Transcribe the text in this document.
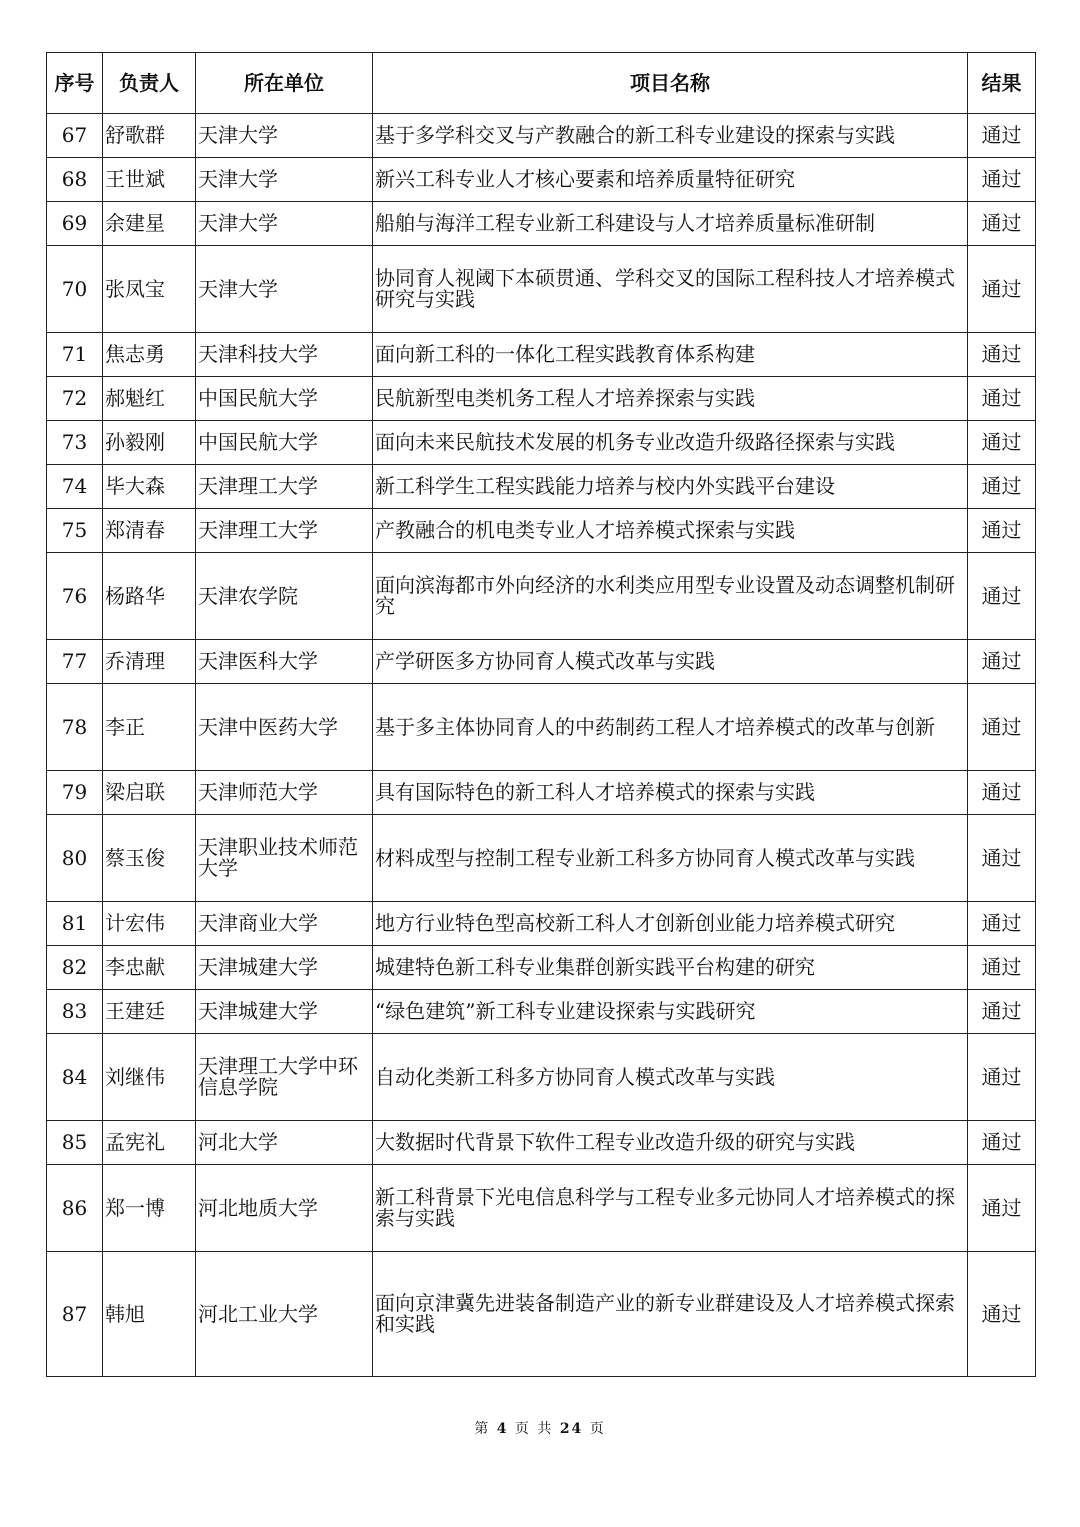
序号	负责人	所在单位	项目名称	结果
67	舒歌群	天津大学	基于多学科交叉与产教融合的新工科专业建设的探索与实践	通过
68	王世斌	天津大学	新兴工科专业人才核心要素和培养质量特征研究	通过
69	余建星	天津大学	船舶与海洋工程专业新工科建设与人才培养质量标准研制	通过
70	张凤宝	天津大学	协同育人视阈下本硕贯通、学科交叉的国际工程科技人才培养模式研究与实践	通过
71	焦志勇	天津科技大学	面向新工科的一体化工程实践教育体系构建	通过
72	郝魁红	中国民航大学	民航新型电类机务工程人才培养探索与实践	通过
73	孙毅刚	中国民航大学	面向未来民航技术发展的机务专业改造升级路径探索与实践	通过
74	毕大森	天津理工大学	新工科学生工程实践能力培养与校内外实践平台建设	通过
75	郑清春	天津理工大学	产教融合的机电类专业人才培养模式探索与实践	通过
76	杨路华	天津农学院	面向滨海都市外向经济的水利类应用型专业设置及动态调整机制研究	通过
77	乔清理	天津医科大学	产学研医多方协同育人模式改革与实践	通过
78	李正	天津中医药大学	基于多主体协同育人的中药制药工程人才培养模式的改革与创新	通过
79	梁启联	天津师范大学	具有国际特色的新工科人才培养模式的探索与实践	通过
80	蔡玉俊	天津职业技术师范大学	材料成型与控制工程专业新工科多方协同育人模式改革与实践	通过
81	计宏伟	天津商业大学	地方行业特色型高校新工科人才创新创业能力培养模式研究	通过
82	李忠献	天津城建大学	城建特色新工科专业集群创新实践平台构建的研究	通过
83	王建廷	天津城建大学	“绿色建筑”新工科专业建设探索与实践研究	通过
84	刘继伟	天津理工大学中环信息学院	自动化类新工科多方协同育人模式改革与实践	通过
85	孟宪礼	河北大学	大数据时代背景下软件工程专业改造升级的研究与实践	通过
86	郑一博	河北地质大学	新工科背景下光电信息科学与工程专业多元协同人才培养模式的探索与实践	通过
87	韩旭	河北工业大学	面向京津冀先进装备制造产业的新专业群建设及人才培养模式探索和实践	通过
第 4 页 共 24 页
